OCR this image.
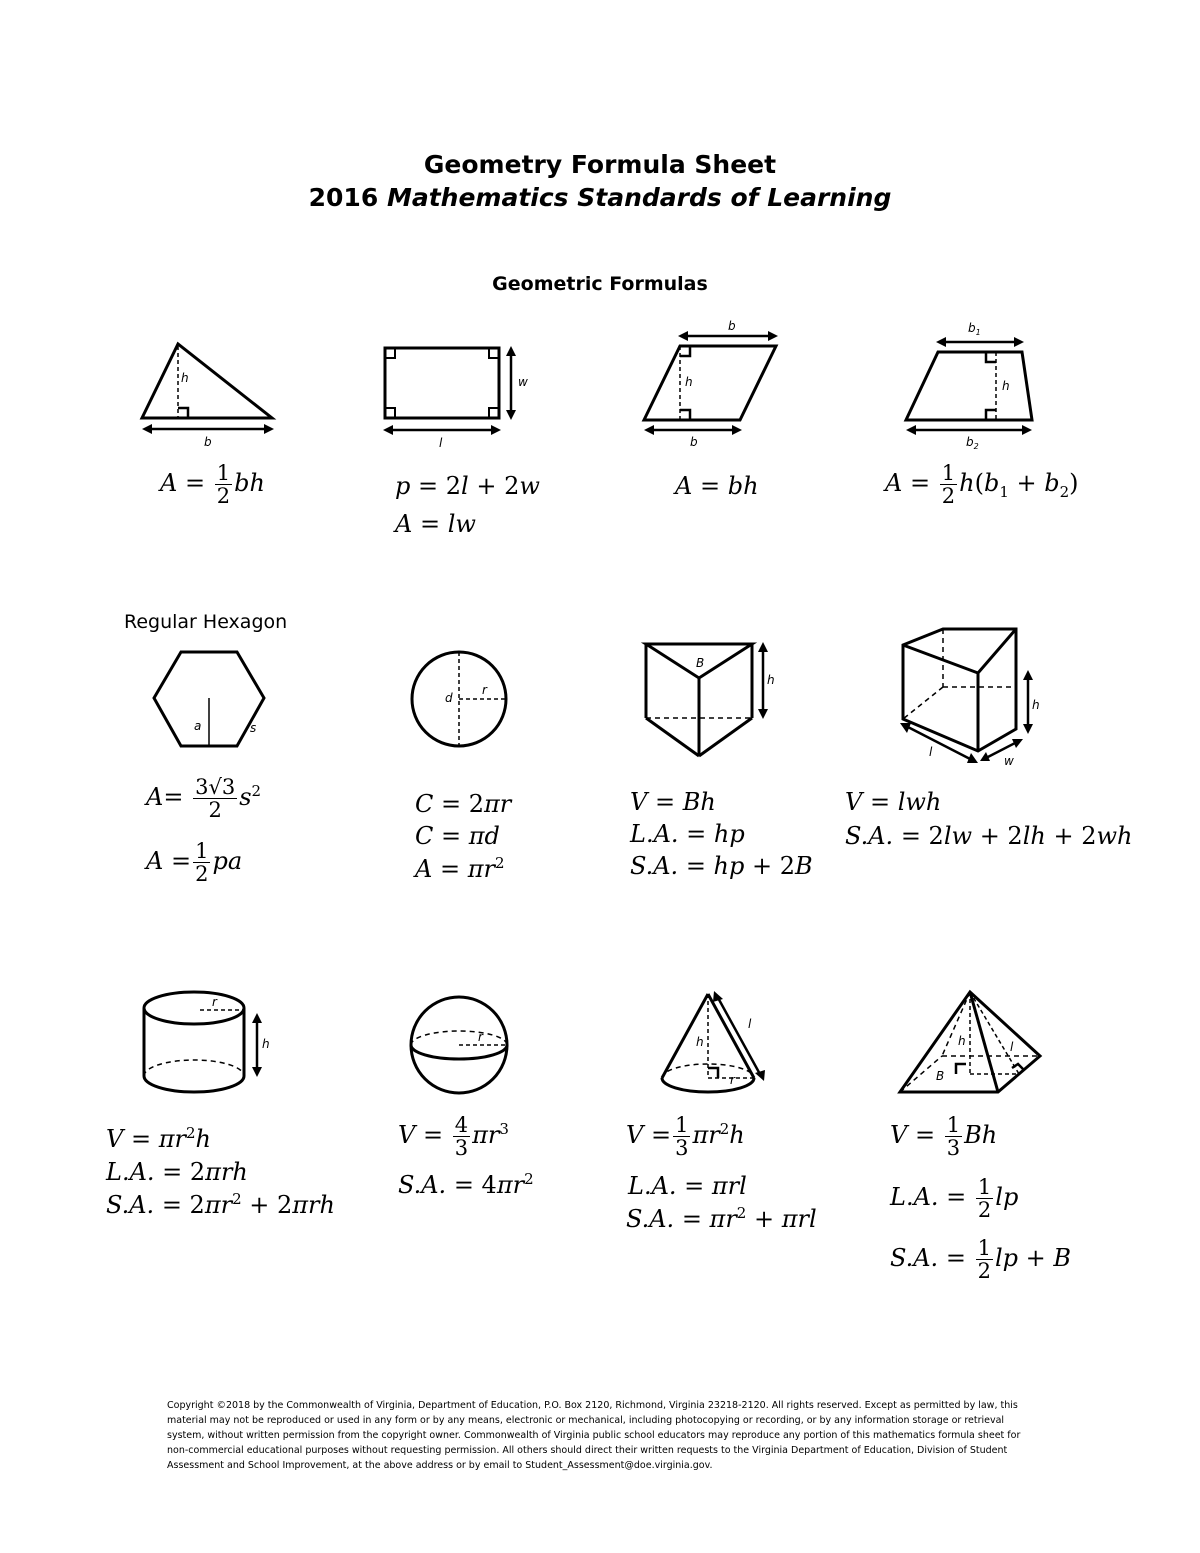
Geometry Formula Sheet
2016 Mathematics Standards of Learning
Geometric Formulas
h
b
w
l
b
h
b
$b_1$
h
$b_2$
$A = \frac{1}{2}$ bh	p = 2l + 2w
A = lw
A = bh	$A = \frac{1}{2} h(b_1 + b_2)$
Regular Hexagon
a	s
d
r
B
h
h
l
w
$A= \frac{3√3}{2} s^2$
$A = \frac{1}{2}$ pa
C = 2πr
C = πd
$A = \pi r^2$
V = Bh
L.A. = hp
S.A. = hp + 2B
V = lwh
S.A. = 2lw + 2lh + 2wh
r
h	r	h
r
l
h	l
B
$V = \pi r^2h$
L.A. = 2πrh
S.A. = $2\pi r^2 + 2\pi rh$
$V = \frac{4}{3} \pi r^3$
S.A. = $4\pi r^2$
$V = \frac{1}{3} \pi r^2h$
L.A. = πrl
S.A. = $\pi r^2 + \pi rl$
$V = \frac{1}{3}$ Bh
L.A. = $\frac{1}{2}$ lp
S.A. = $\frac{1}{2}$ lp + B
Copyright ©2018 by the Commonwealth of Virginia, Department of Education, P.O. Box 2120, Richmond, Virginia 23218-2120. All rights reserved. Except as permitted by law, this material may not be reproduced or used in any form or by any means, electronic or mechanical, including photocopying or recording, or by any information storage or retrieval system, without written permission from the copyright owner. Commonwealth of Virginia public school educators may reproduce any portion of this mathematics formula sheet for non-commercial educational purposes without requesting permission. All others should direct their written requests to the Virginia Department of Education, Division of Student Assessment and School Improvement, at the above address or by email to Student_Assessment@doe.virginia.gov.
